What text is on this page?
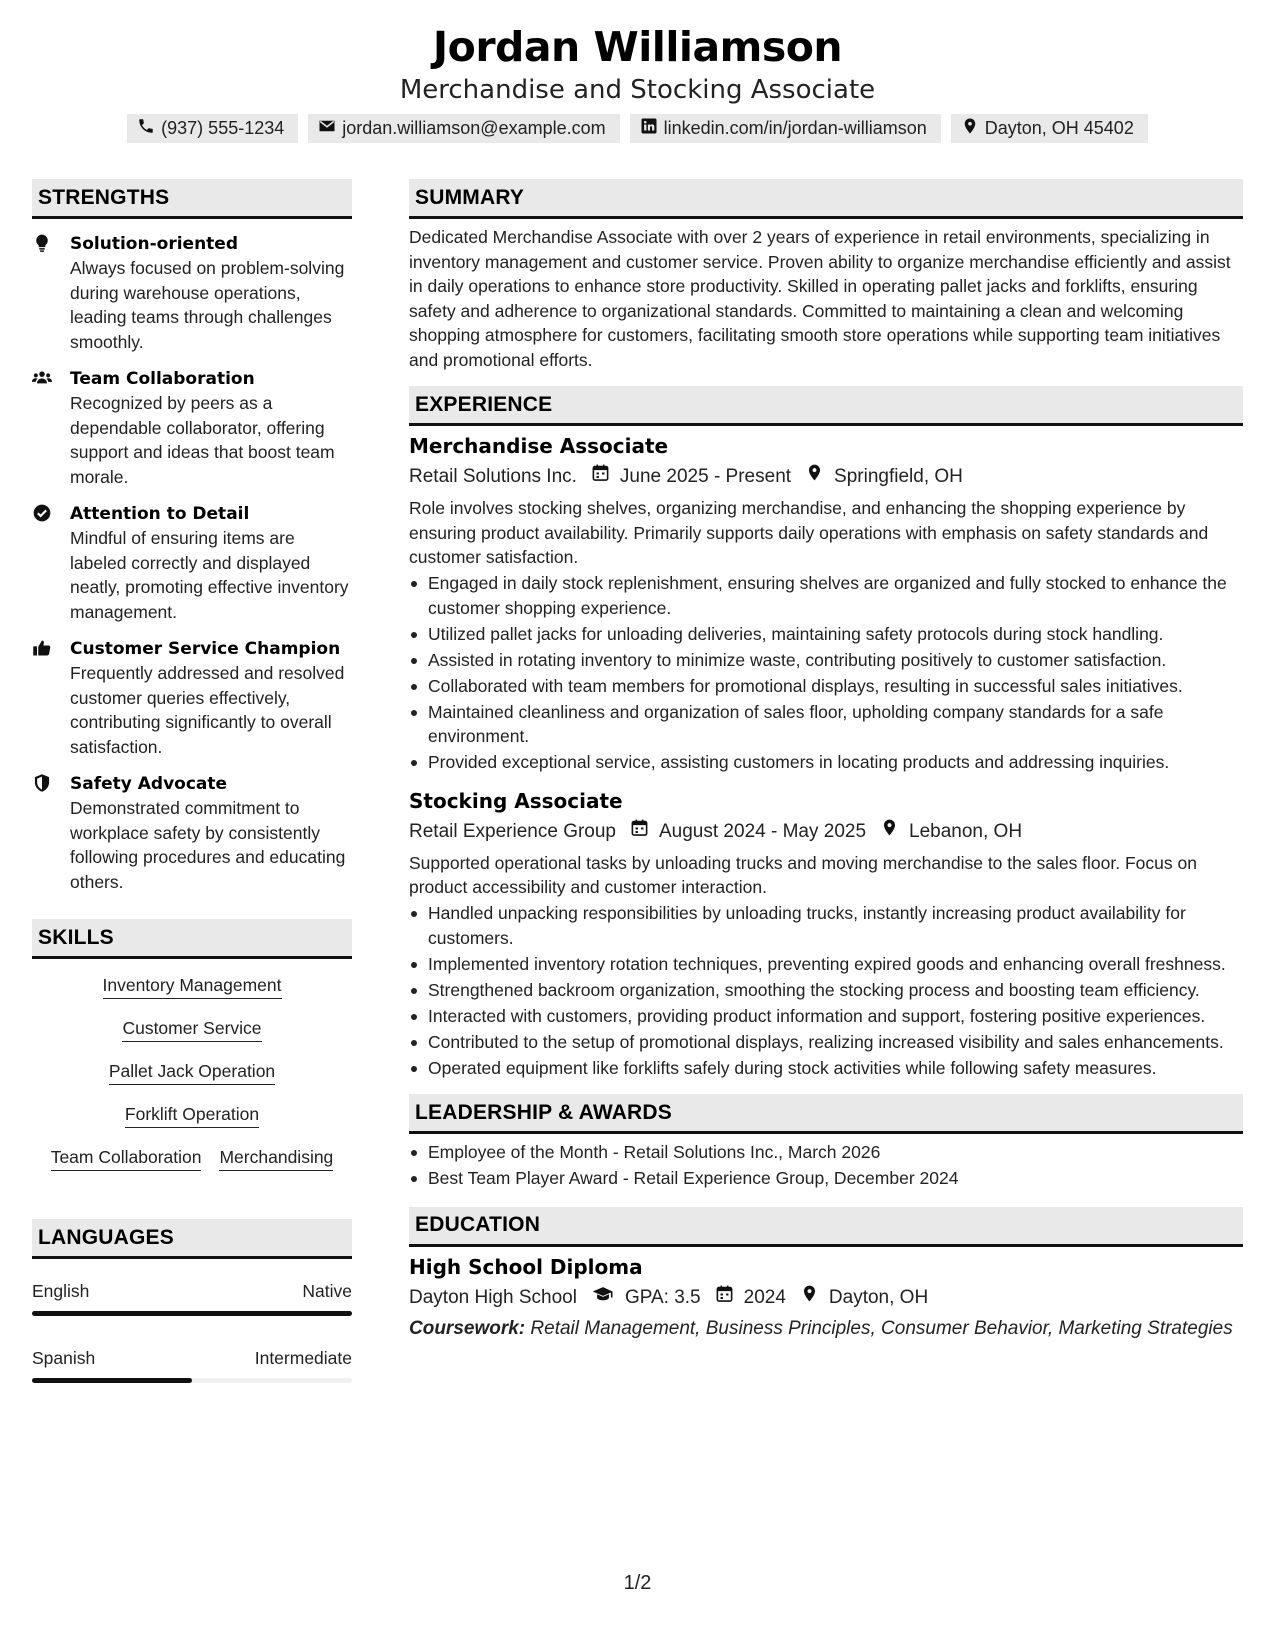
Jordan Williamson
Merchandise and Stocking Associate
(937) 555-1234	jordan.williamson@example.com	linkedin.com/in/jordan-williamson	Dayton, OH 45402
STRENGTHS
Solution-oriented
Always focused on problem-solving during warehouse operations, leading teams through challenges smoothly.
Team Collaboration
Recognized by peers as a dependable collaborator, offering support and ideas that boost team morale.
Attention to Detail
Mindful of ensuring items are labeled correctly and displayed neatly, promoting effective inventory management.
Customer Service Champion
Frequently addressed and resolved customer queries effectively, contributing significantly to overall satisfaction.
Safety Advocate
Demonstrated commitment to workplace safety by consistently following procedures and educating others.
SKILLS
Inventory Management
Customer Service
Pallet Jack Operation
Forklift Operation
Team Collaboration Merchandising
LANGUAGES
English	Native
Spanish	Intermediate
SUMMARY
Dedicated Merchandise Associate with over 2 years of experience in retail environments, specializing in inventory management and customer service. Proven ability to organize merchandise efficiently and assist in daily operations to enhance store productivity. Skilled in operating pallet jacks and forklifts, ensuring safety and adherence to organizational standards. Committed to maintaining a clean and welcoming shopping atmosphere for customers, facilitating smooth store operations while supporting team initiatives and promotional efforts.
EXPERIENCE
Merchandise Associate
Retail Solutions Inc. June 2025 - Present Springfield, OH
Role involves stocking shelves, organizing merchandise, and enhancing the shopping experience by ensuring product availability. Primarily supports daily operations with emphasis on safety standards and customer satisfaction.
Engaged in daily stock replenishment, ensuring shelves are organized and fully stocked to enhance the customer shopping experience.
Utilized pallet jacks for unloading deliveries, maintaining safety protocols during stock handling.
Assisted in rotating inventory to minimize waste, contributing positively to customer satisfaction.
Collaborated with team members for promotional displays, resulting in successful sales initiatives.
Maintained cleanliness and organization of sales floor, upholding company standards for a safe environment.
Provided exceptional service, assisting customers in locating products and addressing inquiries.
Stocking Associate
Retail Experience Group August 2024 - May 2025 Lebanon, OH
Supported operational tasks by unloading trucks and moving merchandise to the sales floor. Focus on product accessibility and customer interaction.
Handled unpacking responsibilities by unloading trucks, instantly increasing product availability for customers.
Implemented inventory rotation techniques, preventing expired goods and enhancing overall freshness.
Strengthened backroom organization, smoothing the stocking process and boosting team efficiency.
Interacted with customers, providing product information and support, fostering positive experiences.
Contributed to the setup of promotional displays, realizing increased visibility and sales enhancements.
Operated equipment like forklifts safely during stock activities while following safety measures.
LEADERSHIP & AWARDS
Employee of the Month - Retail Solutions Inc., March 2026
Best Team Player Award - Retail Experience Group, December 2024
EDUCATION
High School Diploma
Dayton High School	GPA: 3.5 2024 Dayton, OH
Coursework: Retail Management, Business Principles, Consumer Behavior, Marketing Strategies
1/2
